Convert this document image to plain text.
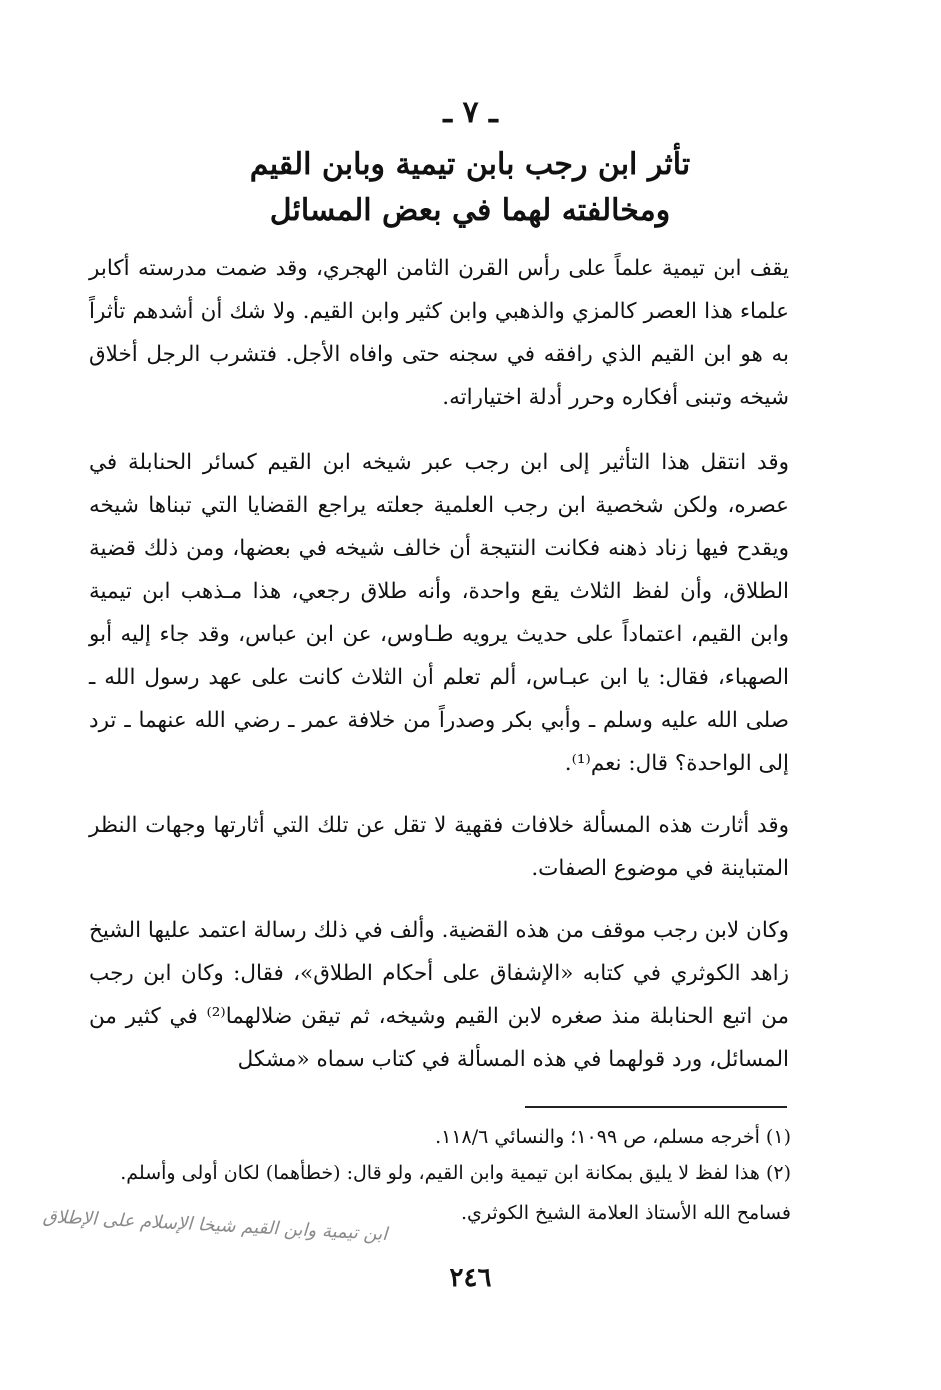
ـ ٧ ـ
تأثر ابن رجب بابن تيمية وبابن القيم
ومخالفته لهما في بعض المسائل

يقف ابن تيمية علماً على رأس القرن الثامن الهجري، وقد ضمت مدرسته أكابر علماء هذا العصر كالمزي والذهبي وابن كثير وابن القيم. ولا شك أن أشدهم تأثراً به هو ابن القيم الذي رافقه في سجنه حتى وافاه الأجل. فتشرب الرجل أخلاق شيخه وتبنى أفكاره وحرر أدلة اختياراته.

وقد انتقل هذا التأثير إلى ابن رجب عبر شيخه ابن القيم كسائر الحنابلة في عصره، ولكن شخصية ابن رجب العلمية جعلته يراجع القضايا التي تبناها شيخه ويقدح فيها زناد ذهنه فكانت النتيجة أن خالف شيخه في بعضها، ومن ذلك قضية الطلاق، وأن لفظ الثلاث يقع واحدة، وأنه طلاق رجعي، هذا مـذهب ابن تيمية وابن القيم، اعتماداً على حديث يرويه طـاوس، عن ابن عباس، وقد جاء إليه أبو الصهباء، فقال: يا ابن عبـاس، ألم تعلم أن الثلاث كانت على عهد رسول الله ـ صلى الله عليه وسلم ـ وأبي بكر وصدراً من خلافة عمر ـ رضي الله عنهما ـ ترد إلى الواحدة؟ قال: نعم⁽¹⁾.

وقد أثارت هذه المسألة خلافات فقهية لا تقل عن تلك التي أثارتها وجهات النظر المتباينة في موضوع الصفات.

وكان لابن رجب موقف من هذه القضية. وألف في ذلك رسالة اعتمد عليها الشيخ زاهد الكوثري في كتابه «الإشفاق على أحكام الطلاق»، فقال: وكان ابن رجب من اتبع الحنابلة منذ صغره لابن القيم وشيخه، ثم تيقن ضلالهما⁽²⁾ في كثير من المسائل، ورد قولهما في هذه المسألة في كتاب سماه «مشكل

(١) أخرجه مسلم، ص ١٠٩٩؛ والنسائي ١١٨/٦.
(٢) هذا لفظ لا يليق بمكانة ابن تيمية وابن القيم، ولو قال: (خطأهما) لكان أولى وأسلم.
فسامح الله الأستاذ العلامة الشيخ الكوثري.
ابن تيمية وابن القيم شيخا الإسلام على الإطلاق
٢٤٦
